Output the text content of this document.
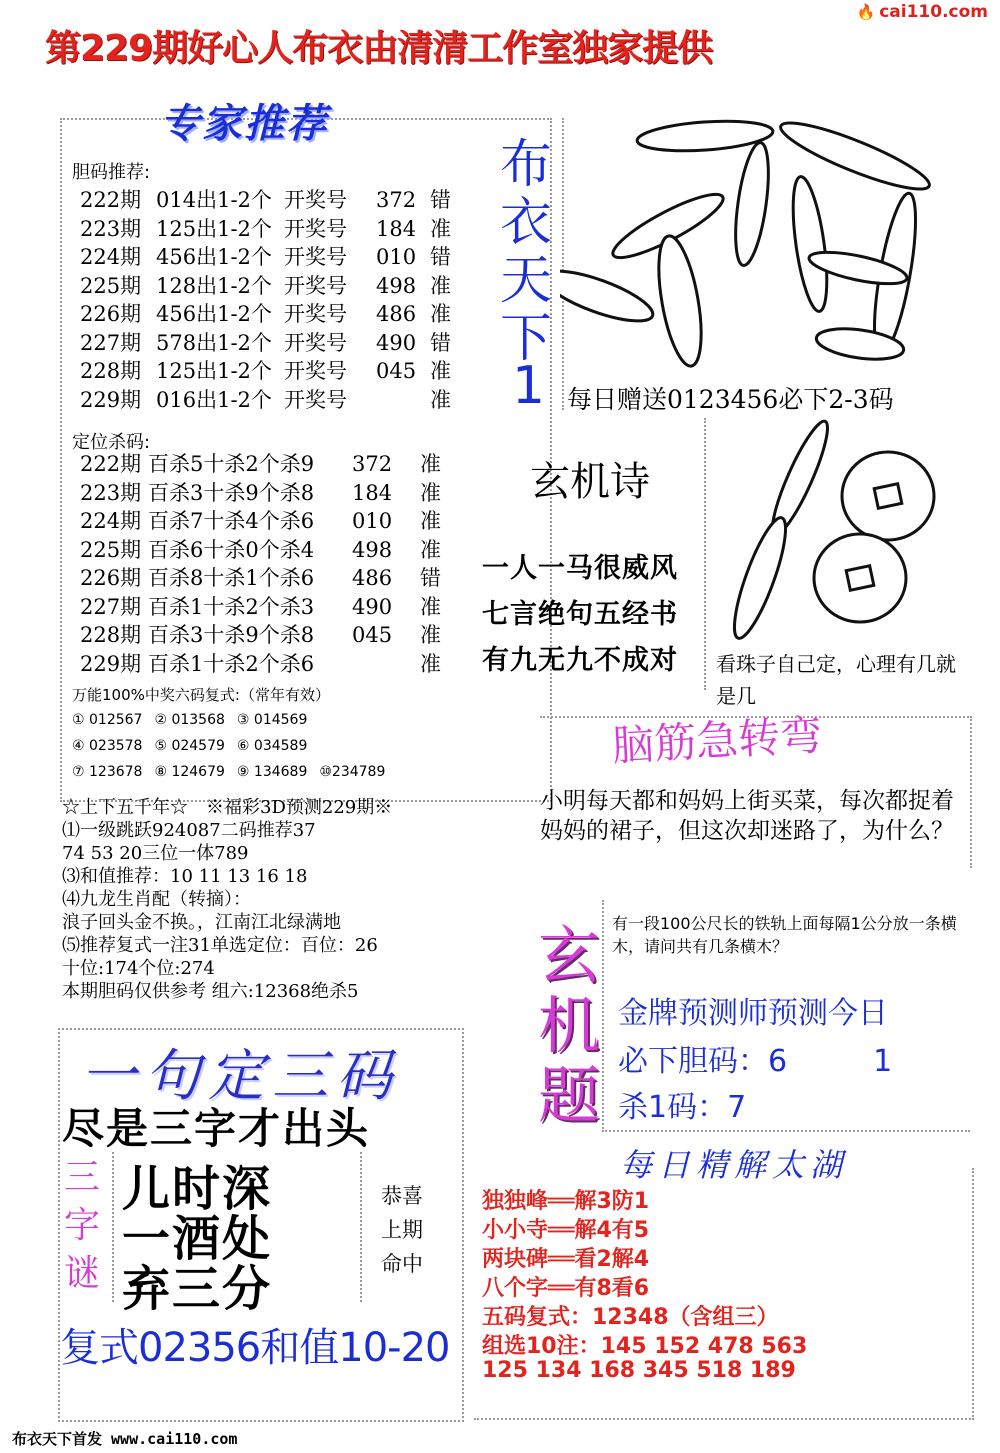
🔥 cai110.com
第229期好心人布衣由清清工作室独家提供
专家推荐
胆码推荐:
222期 014出1-2个 开奖号 372 错
223期 125出1-2个 开奖号 184 准
224期 456出1-2个 开奖号 010 错
225期 128出1-2个 开奖号 498 准
226期 456出1-2个 开奖号 486 准
227期 578出1-2个 开奖号 490 错
228期 125出1-2个 开奖号 045 准
229期 016出1-2个 开奖号	准
定位杀码:
222期 百杀5十杀2个杀9 372 准
223期 百杀3十杀9个杀8 184 准
224期 百杀7十杀4个杀6 010 准
225期 百杀6十杀0个杀4 498 准
226期 百杀8十杀1个杀6 486 错
227期 百杀1十杀2个杀3 490 准
228期 百杀3十杀9个杀8 045 准
229期 百杀1十杀2个杀6	准
万能100%中奖六码复式:（常年有效）
① 012567 ② 013568 ③ 014569
④ 023578 ⑤ 024579 ⑥ 034589
⑦ 123678 ⑧ 124679 ⑨ 134689 ⑩234789
☆上下五千年☆　※福彩3D预测229期※
⑴一级跳跃924087二码推荐37
74 53 20三位一体789
⑶和值推荐：10 11 13 16 18
⑷九龙生肖配（转摘）：
浪子回头金不换。，江南江北绿满地
⑸推荐复式一注31单选定位：百位：26
十位:174个位:274
本期胆码仅供参考 组六:12368绝杀5
一句定三码
尽是三字才出头
三
字
谜
儿时深
一酒处
弃三分
恭喜
上期
命中
复式02356和值10-20
布衣天下首发 www.cai110.com
布
衣
天
下
1 每日赠送0123456必下2-3码
玄机诗
一人一马很威风
七言绝句五经书
有九无九不成对 看珠子自己定，心理有几就是几
脑筋急转弯
小明每天都和妈妈上街买菜，每次都捉着妈妈的裙子，但这次却迷路了，为什么？
玄
机
题
有一段100公尺长的铁轨上面每隔1公分放一条横木，请问共有几条横木？
金牌预测师预测今日
必下胆码：6	1
杀1码：7
每日精解太湖
独独峰══解3防1
小小寺══解4有5
两块碑══看2解4
八个字══有8看6
五码复式：12348（含组三）
组选10注：145 152 478 563
125 134 168 345 518 189
